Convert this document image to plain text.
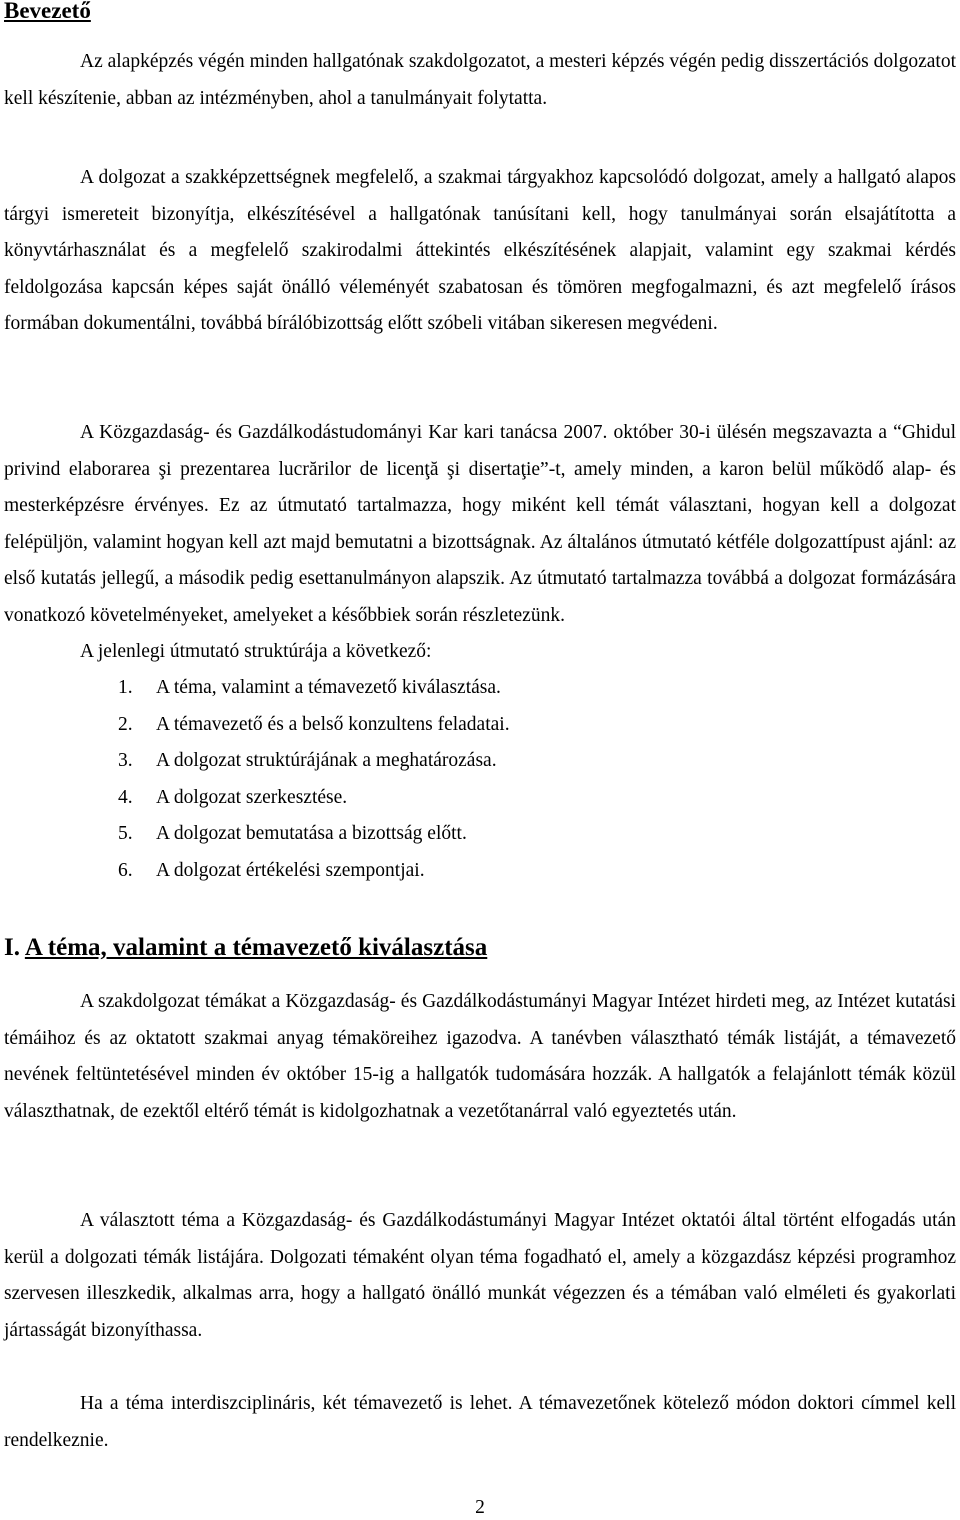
Bevezető

Az alapképzés végén minden hallgatónak szakdolgozatot, a mesteri képzés végén pedig disszertációs dolgozatot kell készítenie, abban az intézményben, ahol a tanulmányait folytatta.

A dolgozat a szakképzettségnek megfelelő, a szakmai tárgyakhoz kapcsolódó dolgozat, amely a hallgató alapos tárgyi ismereteit bizonyítja, elkészítésével a hallgatónak tanúsítani kell, hogy tanulmányai során elsajátította a könyvtárhasználat és a megfelelő szakirodalmi áttekintés elkészítésének alapjait, valamint egy szakmai kérdés feldolgozása kapcsán képes saját önálló véleményét szabatosan és tömören megfogalmazni, és azt megfelelő írásos formában dokumentálni, továbbá bírálóbizottság előtt szóbeli vitában sikeresen megvédeni.

A Közgazdaság- és Gazdálkodástudományi Kar kari tanácsa 2007. október 30-i ülésén megszavazta a “Ghidul privind elaborarea şi prezentarea lucrărilor de licenţă şi disertaţie”-t, amely minden, a karon belül működő alap- és mesterképzésre érvényes. Ez az útmutató tartalmazza, hogy miként kell témát választani, hogyan kell a dolgozat felépüljön, valamint hogyan kell azt majd bemutatni a bizottságnak. Az általános útmutató kétféle dolgozattípust ajánl: az első kutatás jellegű, a második pedig esettanulmányon alapszik. Az útmutató tartalmazza továbbá a dolgozat formázására vonatkozó követelményeket, amelyeket a későbbiek során részletezünk.

A jelenlegi útmutató struktúrája a következő:
1. A téma, valamint a témavezető kiválasztása.
2. A témavezető és a belső konzultens feladatai.
3. A dolgozat struktúrájának a meghatározása.
4. A dolgozat szerkesztése.
5. A dolgozat bemutatása a bizottság előtt.
6. A dolgozat értékelési szempontjai.
I. A téma, valamint a témavezető kiválasztása

A szakdolgozat témákat a Közgazdaság- és Gazdálkodástumányi Magyar Intézet hirdeti meg, az Intézet kutatási témáihoz és az oktatott szakmai anyag témaköreihez igazodva. A tanévben választható témák listáját, a témavezető nevének feltüntetésével minden év október 15-ig a hallgatók tudomására hozzák. A hallgatók a felajánlott témák közül választhatnak, de ezektől eltérő témát is kidolgozhatnak a vezetőtanárral való egyeztetés után.

A választott téma a Közgazdaság- és Gazdálkodástumányi Magyar Intézet oktatói által történt elfogadás után kerül a dolgozati témák listájára. Dolgozati témaként olyan téma fogadható el, amely a közgazdász képzési programhoz szervesen illeszkedik, alkalmas arra, hogy a hallgató önálló munkát végezzen és a témában való elméleti és gyakorlati jártasságát bizonyíthassa.

Ha a téma interdiszciplináris, két témavezető is lehet. A témavezetőnek kötelező módon doktori címmel kell rendelkeznie.

2
